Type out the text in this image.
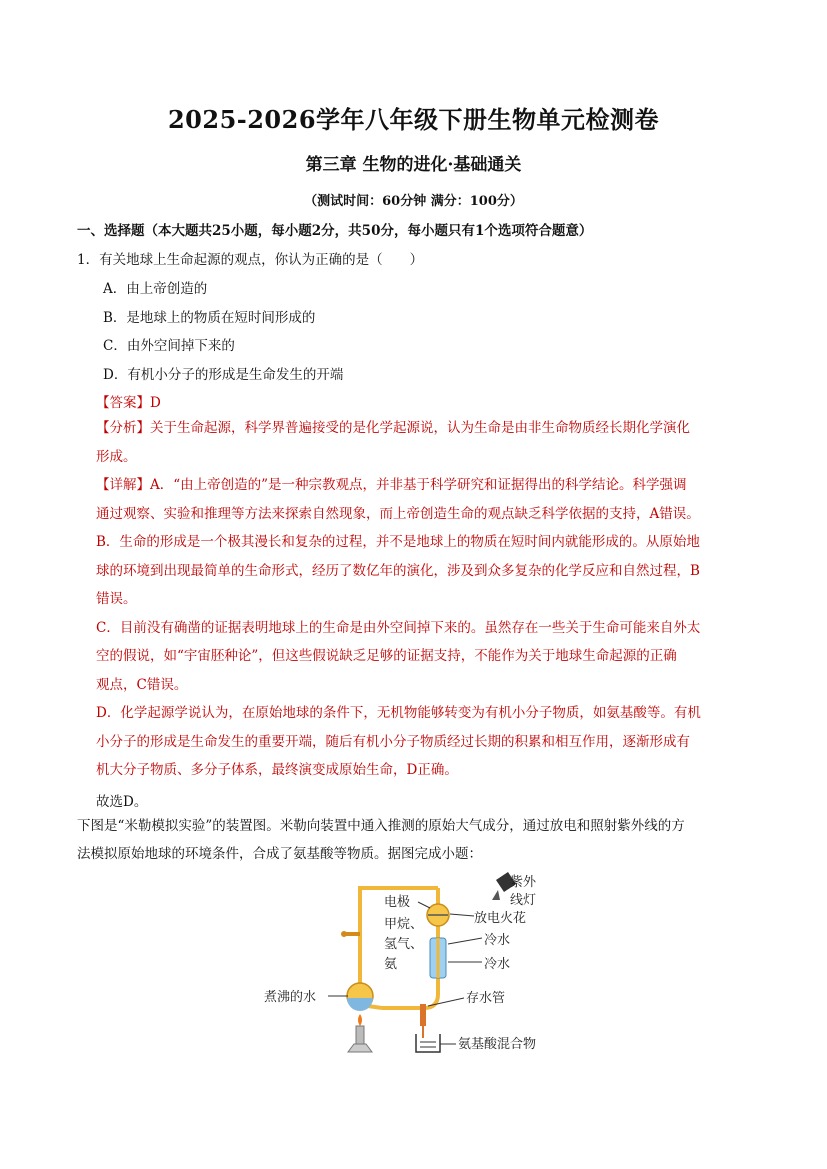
2025-2026学年八年级下册生物单元检测卷
第三章 生物的进化·基础通关
（测试时间：60分钟 满分：100分）
一、选择题（本大题共25小题，每小题2分，共50分，每小题只有1个选项符合题意）
1．有关地球上生命起源的观点，你认为正确的是（　　）
A．由上帝创造的
B．是地球上的物质在短时间形成的
C．由外空间掉下来的
D．有机小分子的形成是生命发生的开端
【答案】D
【分析】关于生命起源，科学界普遍接受的是化学起源说，认为生命是由非生命物质经长期化学演化
形成。
【详解】A．“由上帝创造的”是一种宗教观点，并非基于科学研究和证据得出的科学结论。科学强调
通过观察、实验和推理等方法来探索自然现象，而上帝创造生命的观点缺乏科学依据的支持，A错误。
B．生命的形成是一个极其漫长和复杂的过程，并不是地球上的物质在短时间内就能形成的。从原始地
球的环境到出现最简单的生命形式，经历了数亿年的演化，涉及到众多复杂的化学反应和自然过程，B
错误。
C．目前没有确凿的证据表明地球上的生命是由外空间掉下来的。虽然存在一些关于生命可能来自外太
空的假说，如“宇宙胚种论”，但这些假说缺乏足够的证据支持，不能作为关于地球生命起源的正确
观点，C错误。
D．化学起源学说认为，在原始地球的条件下，无机物能够转变为有机小分子物质，如氨基酸等。有机
小分子的形成是生命发生的重要开端，随后有机小分子物质经过长期的积累和相互作用，逐渐形成有
机大分子物质、多分子体系，最终演变成原始生命，D正确。
故选D。
下图是“米勒模拟实验”的装置图。米勒向装置中通入推测的原始大气成分，通过放电和照射紫外线的方
法模拟原始地球的环境条件，合成了氨基酸等物质。据图完成小题：
紫外
线灯
电极
放电火花
甲烷、
氢气、
氨
冷水
冷水
煮沸的水	存水管
氨基酸混合物
